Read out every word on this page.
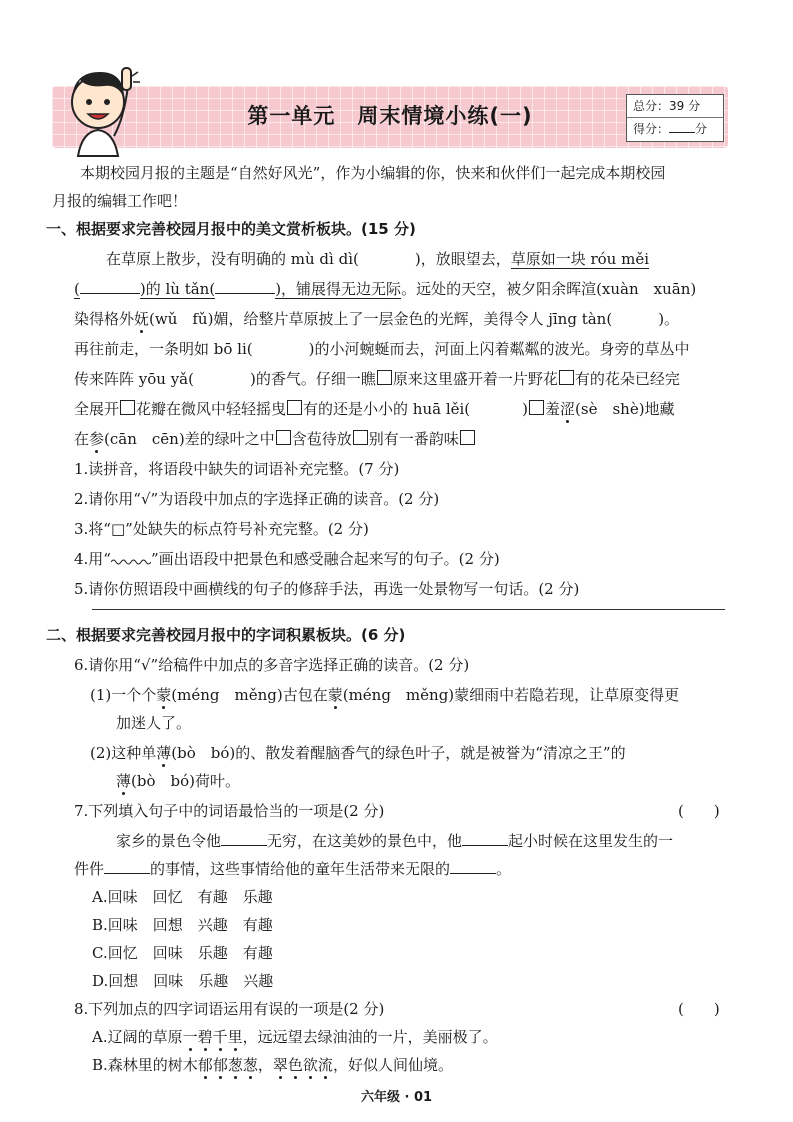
第一单元　周末情境小练(一)	总分：39 分
得分： 分
本期校园月报的主题是“自然好风光”，作为小编辑的你，快来和伙伴们一起完成本期校园
月报的编辑工作吧！
一、根据要求完善校园月报中的美文赏析板块。(15 分)
在草原上散步，没有明确的 mù dì dì(	)，放眼望去，草原如一块 róu měi
(	)的 lù tǎn(	)，铺展得无边无际。远处的天空，被夕阳余晖渲(xuàn　xuān)
染得格外妩(wǔ　fǔ)媚，给整片草原披上了一层金色的光辉，美得令人 jīng tàn(	)。
再往前走，一条明如 bō li(	)的小河蜿蜒而去，河面上闪着粼粼的波光。身旁的草丛中
传来阵阵 yōu yǎ(	)的香气。仔细一瞧 原来这里盛开着一片野花 有的花朵已经完
全展开 花瓣在微风中轻轻摇曳 有的还是小小的 huā lěi(	) 羞涩(sè　shè)地藏
在参(cān　cēn)差的绿叶之中 含苞待放 别有一番韵味
1.读拼音，将语段中缺失的词语补充完整。(7 分)
2.请你用“√”为语段中加点的字选择正确的读音。(2 分)
3.将“□”处缺失的标点符号补充完整。(2 分)
4.用“	”画出语段中把景色和感受融合起来写的句子。(2 分)
5.请你仿照语段中画横线的句子的修辞手法，再选一处景物写一句话。(2 分)
二、根据要求完善校园月报中的字词积累板块。(6 分)
6.请你用“√”给稿件中加点的多音字选择正确的读音。(2 分)
(1)一个个蒙(méng　měng)古包在蒙(méng　měng)蒙细雨中若隐若现，让草原变得更
加迷人了。
(2)这种单薄(bò　bó)的、散发着醒脑香气的绿色叶子，就是被誉为“清凉之王”的
薄(bò　bó)荷叶。
7.下列填入句子中的词语最恰当的一项是(2 分)	(　　)
家乡的景色令他	无穷，在这美妙的景色中，他	起小时候在这里发生的一
件件	的事情，这些事情给他的童年生活带来无限的	。
A.回味　回忆　有趣　乐趣
B.回味　回想　兴趣　有趣
C.回忆　回味　乐趣　有趣
D.回想　回味　乐趣　兴趣
8.下列加点的四字词语运用有误的一项是(2 分)	(　　)
A.辽阔的草原一碧千里，远远望去绿油油的一片，美丽极了。
B.森林里的树木郁郁葱葱，翠色欲流，好似人间仙境。
六年级 · 01
